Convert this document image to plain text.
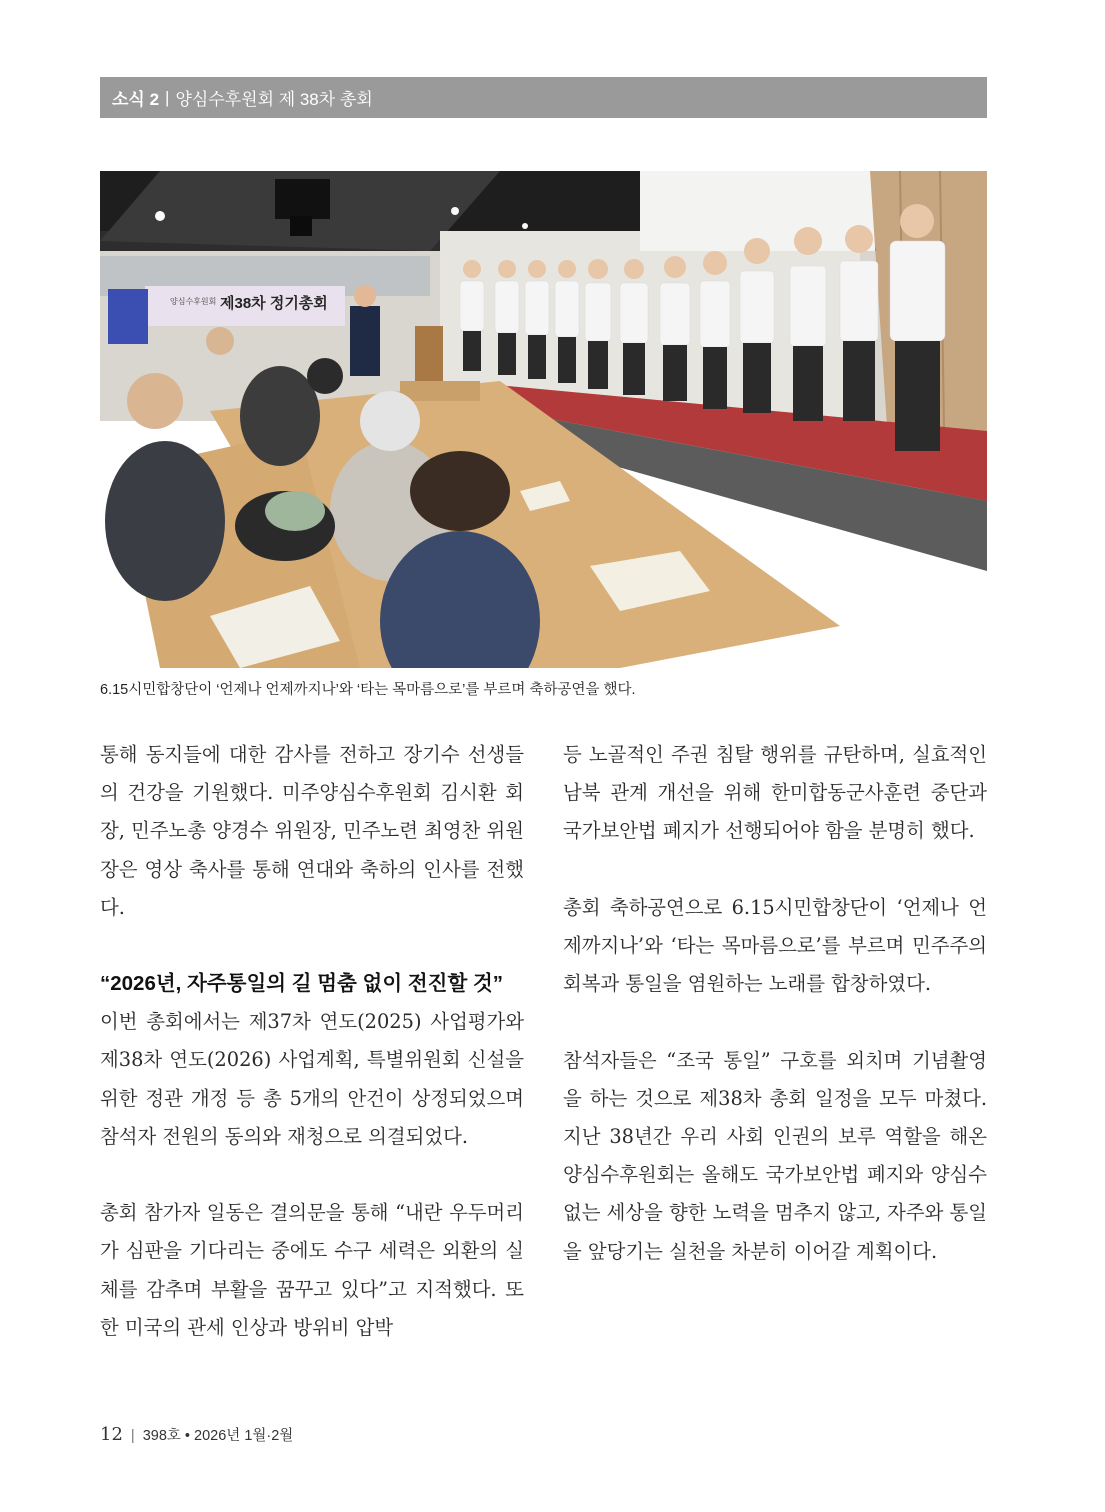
소식 2 | 양심수후원회 제 38차 총회
양심수후원회 제38차 정기총회
6.15시민합창단이 ‘언제나 언제까지나’와 ‘타는 목마름으로’를 부르며 축하공연을 했다.

통해 동지들에 대한 감사를 전하고 장기수 선생들의 건강을 기원했다. 미주양심수후원회 김시환 회장, 민주노총 양경수 위원장, 민주노련 최영찬 위원장은 영상 축사를 통해 연대와 축하의 인사를 전했다.

“2026년, 자주통일의 길 멈춤 없이 전진할 것”

이번 총회에서는 제37차 연도(2025) 사업평가와 제38차 연도(2026) 사업계획, 특별위원회 신설을 위한 정관 개정 등 총 5개의 안건이 상정되었으며 참석자 전원의 동의와 재청으로 의결되었다.

총회 참가자 일동은 결의문을 통해 “내란 우두머리가 심판을 기다리는 중에도 수구 세력은 외환의 실체를 감추며 부활을 꿈꾸고 있다”고 지적했다. 또한 미국의 관세 인상과 방위비 압박

등 노골적인 주권 침탈 행위를 규탄하며, 실효적인 남북 관계 개선을 위해 한미합동군사훈련 중단과 국가보안법 폐지가 선행되어야 함을 분명히 했다.

총회 축하공연으로 6.15시민합창단이 ‘언제나 언제까지나’와 ‘타는 목마름으로’를 부르며 민주주의 회복과 통일을 염원하는 노래를 합창하였다.

참석자들은 “조국 통일” 구호를 외치며 기념촬영을 하는 것으로 제38차 총회 일정을 모두 마쳤다. 지난 38년간 우리 사회 인권의 보루 역할을 해온 양심수후원회는 올해도 국가보안법 폐지와 양심수 없는 세상을 향한 노력을 멈추지 않고, 자주와 통일을 앞당기는 실천을 차분히 이어갈 계획이다.

12 | 398호 • 2026년 1월·2월
